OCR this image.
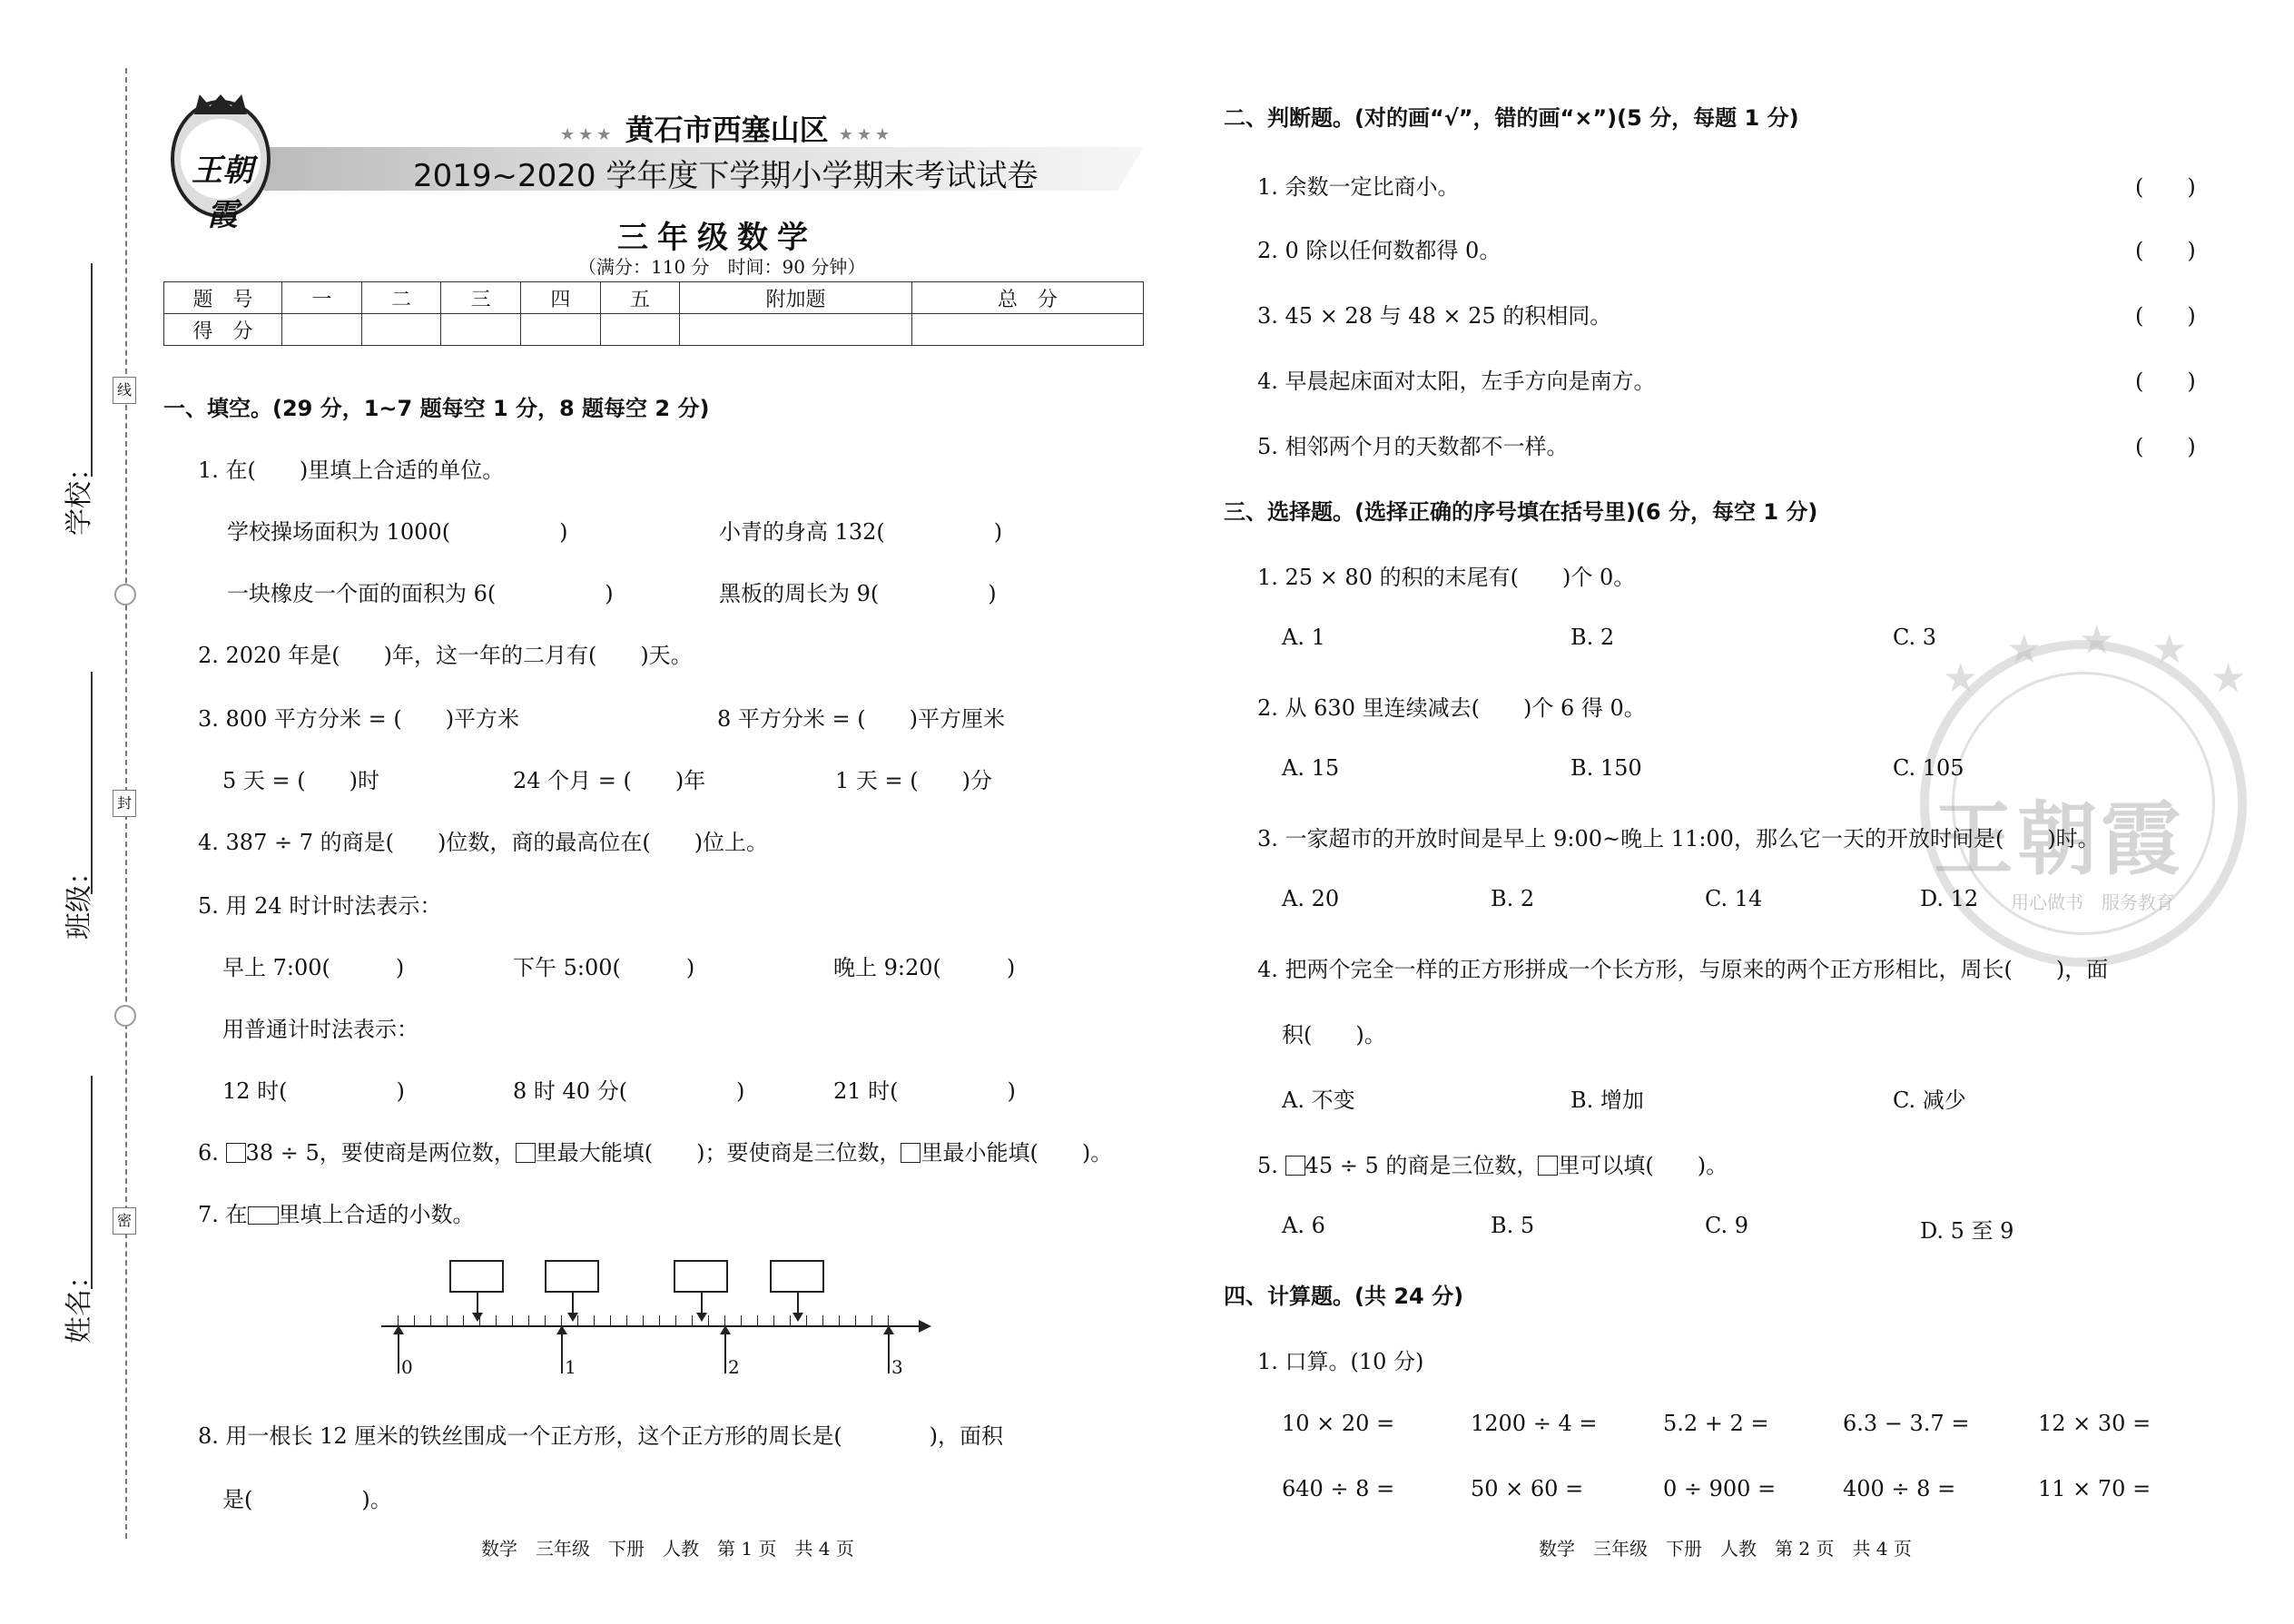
学校：
线
班级：
封
姓名：
密
王朝霞
★★★ 黄石市西塞山区 ★★★
2019~2020 学年度下学期小学期末考试试卷
三年级数学
（满分：110 分　时间：90 分钟）
题　号	一	二	三	四	五	附加题	总　分
得　分							
一、填空。(29 分，1~7 题每空 1 分，8 题每空 2 分)
1. 在(　　)里填上合适的单位。
学校操场面积为 1000(　　　　　)	小青的身高 132(　　　　　)
一块橡皮一个面的面积为 6(　　　　　)	黑板的周长为 9(　　　　　)
2. 2020 年是(　　)年，这一年的二月有(　　)天。
3. 800 平方分米 = (　　)平方米	8 平方分米 = (　　)平方厘米
5 天 = (　　)时	24 个月 = (　　)年	1 天 = (　　)分
4. 387 ÷ 7 的商是(　　)位数，商的最高位在(　　)位上。
5. 用 24 时计时法表示：
早上 7:00(　　　)	下午 5:00(　　　)	晚上 9:20(　　　)
用普通计时法表示：
12 时(　　　　　)	8 时 40 分(　　　　　)	21 时(　　　　　)
6. 38 ÷ 5，要使商是两位数， 里最大能填(　　)；要使商是三位数， 里最小能填(　　)。
7. 在 里填上合适的小数。
0	1	2	3
8. 用一根长 12 厘米的铁丝围成一个正方形，这个正方形的周长是(　　　　)，面积
是(　　　　　)。
数学　三年级　下册　人教　第 1 页　共 4 页
★
★ ★ ★
★
王朝霞
用心做书　服务教育
二、判断题。(对的画“√”，错的画“×”)(5 分，每题 1 分)
1. 余数一定比商小。	(　　)
2. 0 除以任何数都得 0。	(　　)
3. 45 × 28 与 48 × 25 的积相同。	(　　)
4. 早晨起床面对太阳，左手方向是南方。	(　　)
5. 相邻两个月的天数都不一样。	(　　)
三、选择题。(选择正确的序号填在括号里)(6 分，每空 1 分)
1. 25 × 80 的积的末尾有(　　)个 0。
A. 1	B. 2	C. 3
2. 从 630 里连续减去(　　)个 6 得 0。
A. 15	B. 150	C. 105
3. 一家超市的开放时间是早上 9:00~晚上 11:00，那么它一天的开放时间是(　　)时。
A. 20	B. 2	C. 14	D. 12
4. 把两个完全一样的正方形拼成一个长方形，与原来的两个正方形相比，周长(　　)，面
积(　　)。
A. 不变	B. 增加	C. 减少
5. 45 ÷ 5 的商是三位数， 里可以填(　　)。
A. 6	B. 5	C. 9	D. 5 至 9
四、计算题。(共 24 分)
1. 口算。(10 分)
10 × 20 =	1200 ÷ 4 =	5.2 + 2 =	6.3 − 3.7 =	12 × 30 =
640 ÷ 8 =	50 × 60 =	0 ÷ 900 =	400 ÷ 8 =	11 × 70 =
数学　三年级　下册　人教　第 2 页　共 4 页
